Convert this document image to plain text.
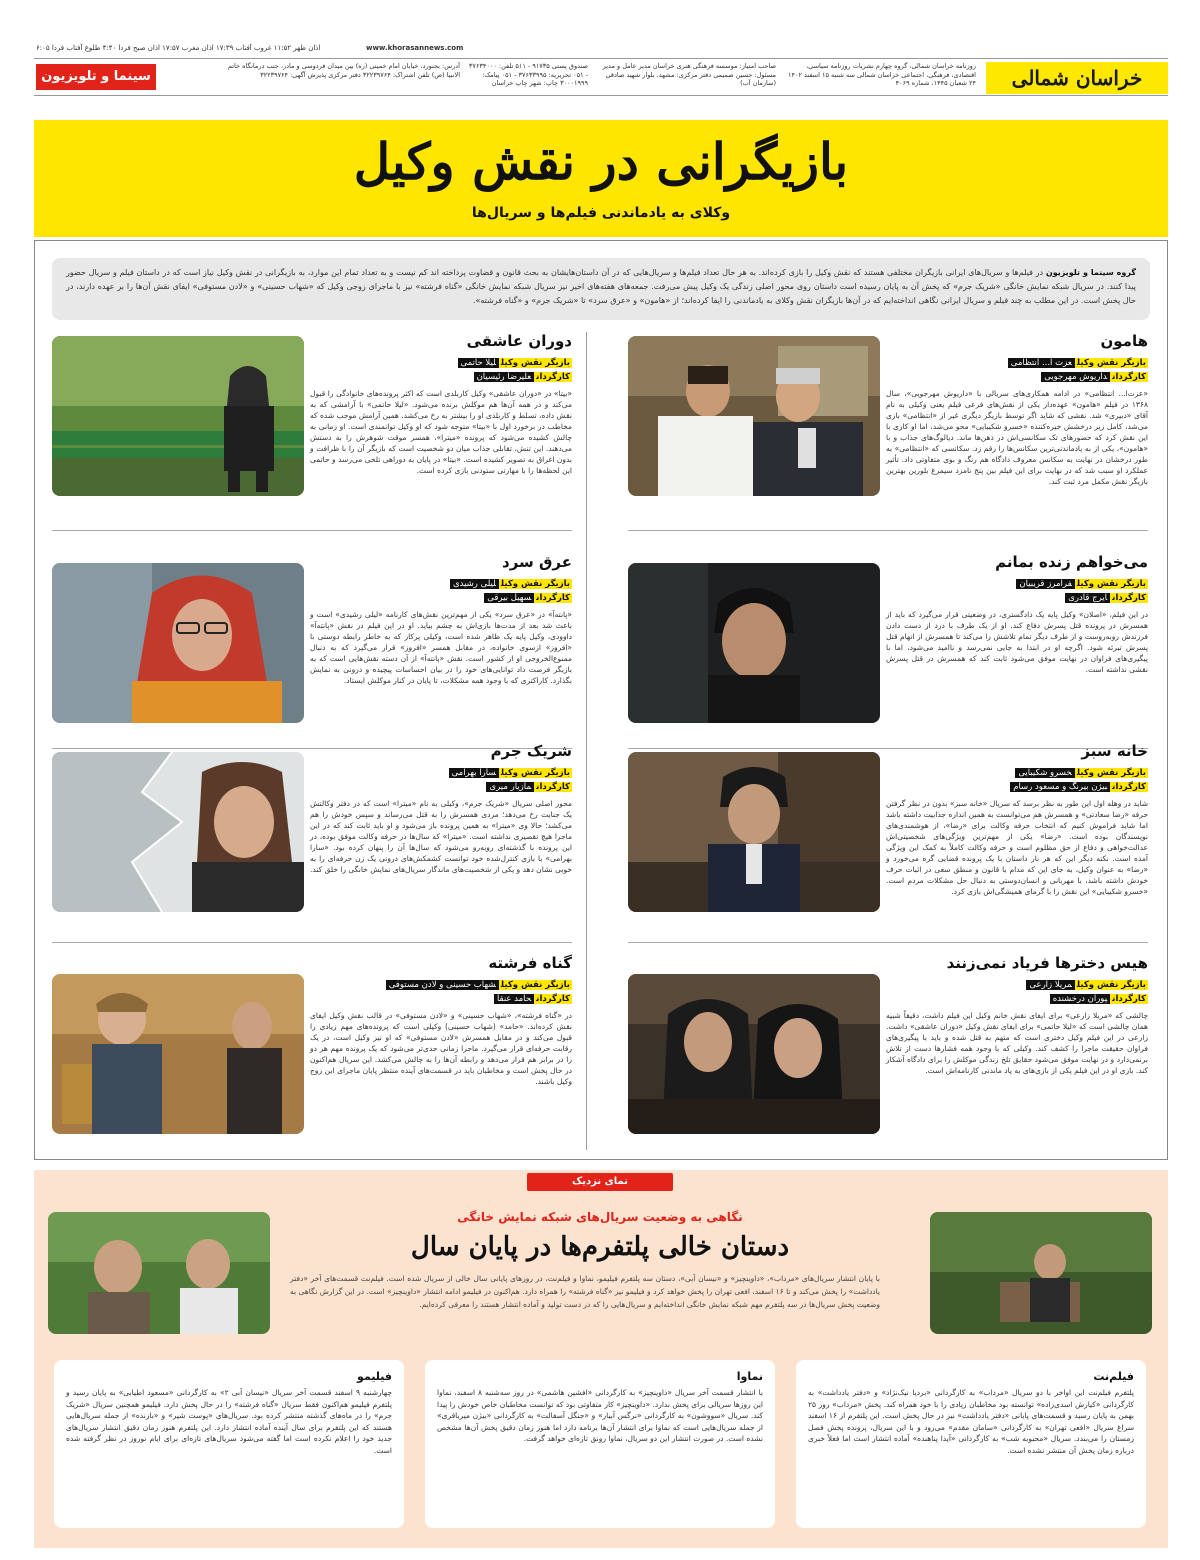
www.khorasannews.com
اذان ظهر ۱۱:۵۲ غروب آفتاب ۱۷:۳۹ اذان مغرب ۱۷:۵۷ اذان صبح فردا ۴:۴۰ طلوع آفتاب فردا ۶:۰۵
خراسان شمالی
روزنامه خراسان شمالی، گروه چهارم نشریات روزنامه سیاسی، اقتصادی، فرهنگی، اجتماعی خراسان شمالی سه شنبه ۱۵ اسفند ۱۴۰۲ ۲۴ شعبان ۱۴۴۵، شماره ۴۰۶۹
صاحب امتیاز: موسسه فرهنگی هنری خراسان مدیر عامل و مدیر مسئول: حسین صمیمی دفتر مرکزی: مشهد، بلوار شهید صادقی (سازمان آب)
صندوق پستی ۹۱۷۳۵ - ۵۱۱ تلفن: ۳۷۶۳۴۰۰۰ - ۰۵۱ تحریریه: ۳۷۶۳۳۹۹۵ - ۰۵۱ پیامک: ۳۰۰۰۱۹۹۹ چاپ: شهر چاپ خراسان
آدرس: بجنورد، خیابان امام خمینی (ره) بین میدان فردوسی و مادر، جنب درمانگاه خاتم الانبیا (ص) تلفن اشتراک: ۳۲۲۳۹۷۶۴ دفتر مرکزی پذیرش آگهی: ۳۲۲۳۹۷۶۴
سینما و تلویزیون
بازیگرانی در نقش وکیل
وکلای به یادماندنی فیلم‌ها و سریال‌ها
گروه سینما و تلویزیون در فیلم‌ها و سریال‌های ایرانی بازیگران مختلفی هستند که نقش وکیل را بازی کرده‌اند. به هر حال تعداد فیلم‌ها و سریال‌هایی که در آن داستان‌هایشان به بحث قانون و قضاوت پرداخته اند کم نیست و به تعداد تمام این موارد، به بازیگرانی در نقش وکیل نیاز است که در داستان فیلم و سریال حضور پیدا کنند. در سریال شبکه نمایش خانگی «شریک جرم» که پخش آن به پایان رسیده است داستان روی محور اصلی زندگی یک وکیل پیش می‌رفت. جمعه‌های هفته‌های اخیر نیز سریال شبکه نمایش خانگی «گناه فرشته» نیز با ماجرای زوجی وکیل که «شهاب حسینی» و «لادن مستوفی» ایفای نقش آن‌ها را بر عهده دارند، در حال پخش است. در این مطلب به چند فیلم و سریال ایرانی نگاهی انداخته‌ایم که در آن‌ها بازیگران نقش وکلای به یادماندنی را ایفا کرده‌اند؛ از «هامون» و «عرق سرد» تا «شریک جرم» و «گناه فرشته».
هامون
بازیگر نقش وکیلعزت ا... انتظامی
کارگردانداریوش مهرجویی
«عزت‌ا... انتظامی» در ادامه همکاری‌های سریالی با «داریوش مهرجویی»، سال ۱۳۶۸ در فیلم «هامون» عهده‌دار یکی از نقش‌های فرعی فیلم یعنی وکیلی به نام آقای «دبیری» شد. نقشی که شاید اگر توسط بازیگر دیگری غیر از «انتظامی» بازی می‌شد، کامل زیر درخشش خیره‌کننده «خسرو شکیبایی» محو می‌شد، اما او کاری با این نقش کرد که حضورهای تک سکانسی‌اش در ذهن‌ها ماند. دیالوگ‌های جذاب و با «هامون»، یکی از به یادماندنی‌ترین سکانس‌ها را رقم زد. سکانسی که «انتظامی» به طور درخشان در نهایت به سکانس معروف دادگاه هم رنگ و بوی متفاوتی داد. تأثیر عملکرد او سبب شد که در نهایت برای این فیلم بین پنج نامزد سیمرغ بلورین بهترین بازیگر نقش مکمل مرد ثبت کند.
دوران عاشقی
بازیگر نقش وکیللیلا حاتمی
کارگردانعلیرضا رئیسیان
«بیتا» در «دوران عاشقی» وکیل کاربلدی است که اکثر پرونده‌های خانوادگی را قبول می‌کند و در همه آن‌ها هم موکلش برنده می‌شود. «لیلا حاتمی» با آرامشی که به نقش داده، تسلط و کاربلدی او را بیشتر به رخ می‌کشد. همین آرامش موجب شده که مخاطب در برخورد اول با «بیتا» متوجه شود که او وکیل توانمندی است. او زمانی به چالش کشیده می‌شود که پرونده «میترا»، همسر موقت شوهرش را به دستش می‌دهند. این تنش، تقابلی جذاب میان دو شخصیت است که بازیگر آن را با ظرافت و بدون اغراق به تصویر کشیده است. «بیتا» در پایان به دوراهی تلخی می‌رسد و حاتمی این لحظه‌ها را با مهارتی ستودنی بازی کرده است.
می‌خواهم زنده بمانم
بازیگر نقش وکیلفرامرز قریبیان
کارگردانایرج قادری
در این فیلم، «اصلان» وکیل پایه یک دادگستری، در وضعیتی قرار می‌گیرد که باید از همسرش در پرونده قتل پسرش دفاع کند. او از یک طرف با درد از دست دادن فرزندش روبه‌روست و از طرف دیگر تمام تلاشش را می‌کند تا همسرش از اتهام قتل پسرش تبرئه شود. اگرچه او در ابتدا به جایی نمی‌رسد و ناامید می‌شود، اما با پیگیری‌های فراوان در نهایت موفق می‌شود ثابت کند که همسرش در قتل پسرش نقشی نداشته است.
عرق سرد
بازیگر نقش وکیللیلی رشیدی
کارگردانسهیل بیرقی
«پانته‌آ» در «عرق سرد» یکی از مهم‌ترین نقش‌های کارنامه «لیلی رشیدی» است و باعث شد بعد از مدت‌ها بازی‌اش به چشم بیاید. او در این فیلم در نقش «پانته‌آ» داوودی، وکیل پایه یک ظاهر شده است، وکیلی پرکار که به خاطر رابطه دوستی با «افروز» ازسوی خانواده، در مقابل همسر «افروز» قرار می‌گیرد که به دنبال ممنوع‌الخروجی او از کشور است. نقش «پانته‌آ» از آن دسته نقش‌هایی است که به بازیگر فرصت داد توانایی‌های خود را در بیان احساسات پیچیده و درونی به نمایش بگذارد. کاراکتری که با وجود همه مشکلات، تا پایان در کنار موکلش ایستاد.
خانه سبز
بازیگر نقش وکیلخسرو شکیبایی
کارگردانبیژن بیرنگ و مسعود رسام
شاید در وهله اول این طور به نظر برسد که سریال «خانه سبز» بدون در نظر گرفتن حرفه «رضا سعادتی» و همسرش هم می‌توانست به همین اندازه جذابیت داشته باشد اما شاید فراموش کنیم که انتخاب حرفه وکالت برای «رضا»، از هوشمندی‌های نویسندگان بوده است. «رضا» یکی از مهم‌ترین ویژگی‌های شخصیتی‌اش عدالت‌خواهی و دفاع از حق مظلوم است و حرفه وکالت کاملاً به کمک این ویژگی آمده است. نکته دیگر این که هر بار داستان با یک پرونده قضایی گره می‌خورد و «رضا» به عنوان وکیل، به جای این که مدام با قانون و منطق سعی در اثبات حرف خودش داشته باشد، با مهربانی و انسان‌دوستی به دنبال حل مشکلات مردم است. «خسرو شکیبایی» این نقش را با گرمای همیشگی‌اش بازی کرد.
شریک جرم
بازیگر نقش وکیلسارا بهرامی
کارگردانمازیار میری
محور اصلی سریال «شریک جرم»، وکیلی به نام «میترا» است که در دفتر وکالتش یک جنایت رخ می‌دهد؛ مردی همسرش را به قتل می‌رساند و سپس خودش را هم می‌کشد؛ حالا وی «میترا» به همین پرونده باز می‌شود و او باید ثابت کند که در این ماجرا هیچ تقصیری نداشته است. «میترا» که سال‌ها در حرفه وکالت موفق بوده، در این پرونده با گذشته‌ای روبه‌رو می‌شود که سال‌ها آن را پنهان کرده بود. «سارا بهرامی» با بازی کنترل‌شده خود توانست کشمکش‌های درونی یک زن حرفه‌ای را به خوبی نشان دهد و یکی از شخصیت‌های ماندگار سریال‌های نمایش خانگی را خلق کند.
هیس دخترها فریاد نمی‌زنند
بازیگر نقش وکیلمریلا زارعی
کارگردانپوران درخشنده
چالشی که «مریلا زارعی» برای ایفای نقش خانم وکیل این فیلم داشت، دقیقاً شبیه همان چالشی است که «لیلا حاتمی» برای ایفای نقش وکیل «دوران عاشقی» داشت. زارعی در این فیلم وکیل دختری است که متهم به قتل شده و باید با پیگیری‌های فراوان حقیقت ماجرا را کشف کند. وکیلی که با وجود همه فشارها دست از تلاش برنمی‌دارد و در نهایت موفق می‌شود حقایق تلخ زندگی موکلش را برای دادگاه آشکار کند. بازی او در این فیلم یکی از بازی‌های به یاد ماندنی کارنامه‌اش است.
گناه فرشته
بازیگر نقش وکیلشهاب حسینی و لادن مستوفی
کارگردانحامد عنقا
در «گناه فرشته»، «شهاب حسینی» و «لادن مستوفی» در قالب نقش وکیل ایفای نقش کرده‌اند. «حامد» (شهاب حسینی) وکیلی است که پرونده‌های مهم زیادی را قبول می‌کند و در مقابل همسرش «لادن مستوفی» که او نیز وکیل است، در یک رقابت حرفه‌ای قرار می‌گیرد. ماجرا زمانی جدی‌تر می‌شود که یک پرونده مهم هر دو را در برابر هم قرار می‌دهد و رابطه آن‌ها را به چالش می‌کشد. این سریال هم‌اکنون در حال پخش است و مخاطبان باید در قسمت‌های آینده منتظر پایان ماجرای این زوج وکیل باشند.
نمای نزدیک
نگاهی به وضعیت سریال‌های شبکه نمایش خانگی
دستان خالی پلتفرم‌ها در پایان سال
با پایان انتشار سریال‌های «مرداب»، «داوینچیز» و «نیسان آبی»، دستان سه پلتفرم فیلیمو، نماوا و فیلم‌نت، در روزهای پایانی سال خالی از سریال شده است. فیلم‌نت قسمت‌های آخر «دفتر یادداشت» را پخش می‌کند و تا ۱۶ اسفند، افعی تهران را پخش خواهد کرد و فیلیمو نیز «گناه فرشته» را همراه دارد. هم‌اکنون در فیلیمو ادامه انتشار «داوینچیز» است. در این گزارش نگاهی به وضعیت پخش سریال‌ها در سه پلتفرم مهم شبکه نمایش خانگی انداخته‌ایم و سریال‌هایی را که در دست تولید و آماده انتشار هستند را معرفی کرده‌ایم.
فیلم‌نت
پلتفرم فیلم‌نت این اواخر با دو سریال «مرداب» به کارگردانی «بردیا نیک‌نژاد» و «دفتر یادداشت» به کارگردانی «کیارش اسدی‌زاده» توانسته بود مخاطبان زیادی را با خود همراه کند. پخش «مرداب» روز ۲۵ بهمن به پایان رسید و قسمت‌های پایانی «دفتر یادداشت» نیز در حال پخش است. این پلتفرم از ۱۶ اسفند سراغ سریال «افعی تهران» به کارگردانی «سامان مقدم» می‌رود و با این سریال، پرونده پخش فصل زمستان را می‌بندد. سریال «محبوبه شب» به کارگردانی «آیدا پناهنده» آماده انتشار است اما فعلاً خبری درباره زمان پخش آن منتشر نشده است.
نماوا
با انتشار قسمت آخر سریال «داوینچیز» به کارگردانی «افشین هاشمی» در روز سه‌شنبه ۸ اسفند، نماوا این روزها سریالی برای پخش ندارد. «داوینچیز» کار متفاوتی بود که توانست مخاطبان خاص خودش را پیدا کند. سریال «سووشون» به کارگردانی «نرگس آبیار» و «جنگل آسفالت» به کارگردانی «بیژن میرباقری» از جمله سریال‌هایی است که نماوا برای انتشار آن‌ها برنامه دارد اما هنوز زمان دقیق پخش آن‌ها مشخص نشده است. در صورت انتشار این دو سریال، نماوا رونق تازه‌ای خواهد گرفت.
فیلیمو
چهارشنبه ۹ اسفند قسمت آخر سریال «نیسان آبی ۲» به کارگردانی «مسعود اطیابی» به پایان رسید و پلتفرم فیلیمو هم‌اکنون فقط سریال «گناه فرشته» را در حال پخش دارد. فیلیمو همچنین سریال «شریک جرم» را در ماه‌های گذشته منتشر کرده بود. سریال‌های «پوست شیر» و «بازنده» از جمله سریال‌هایی هستند که این پلتفرم برای سال آینده آماده انتشار دارد. این پلتفرم هنوز زمان دقیق انتشار سریال‌های جدید خود را اعلام نکرده است اما گفته می‌شود سریال‌های تازه‌ای برای ایام نوروز در نظر گرفته شده است.
